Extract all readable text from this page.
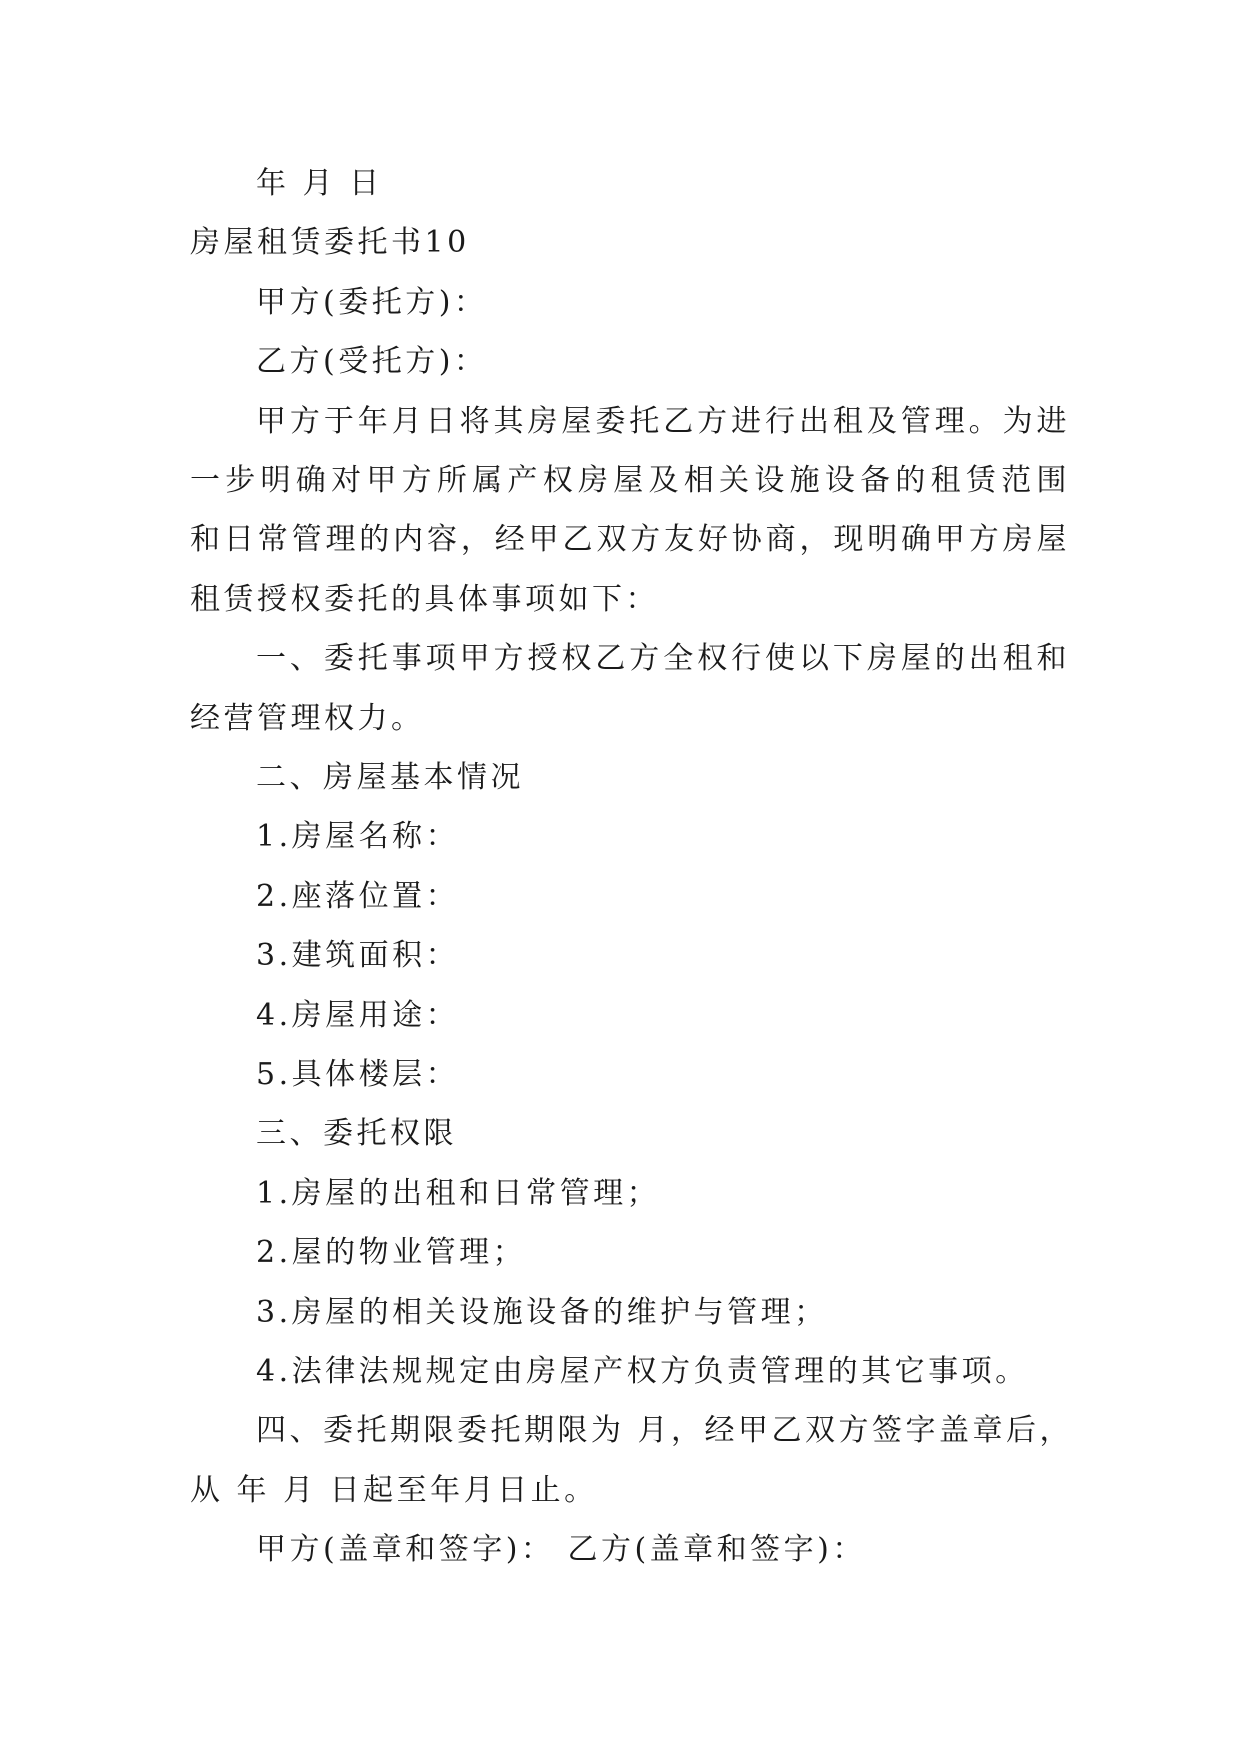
年 月 日
房屋租赁委托书10
甲方(委托方)：
乙方(受托方)：
甲方于年月日将其房屋委托乙方进行出租及管理。为进
一步明确对甲方所属产权房屋及相关设施设备的租赁范围
和日常管理的内容，经甲乙双方友好协商，现明确甲方房屋
租赁授权委托的具体事项如下：
一、委托事项甲方授权乙方全权行使以下房屋的出租和
经营管理权力。
二、房屋基本情况
1.房屋名称：
2.座落位置：
3.建筑面积：
4.房屋用途：
5.具体楼层：
三、委托权限
1.房屋的出租和日常管理；
2.屋的物业管理；
3.房屋的相关设施设备的维护与管理；
4.法律法规规定由房屋产权方负责管理的其它事项。
四、委托期限委托期限为 月，经甲乙双方签字盖章后，
从 年 月 日起至年月日止。
甲方(盖章和签字)： 乙方(盖章和签字)：
